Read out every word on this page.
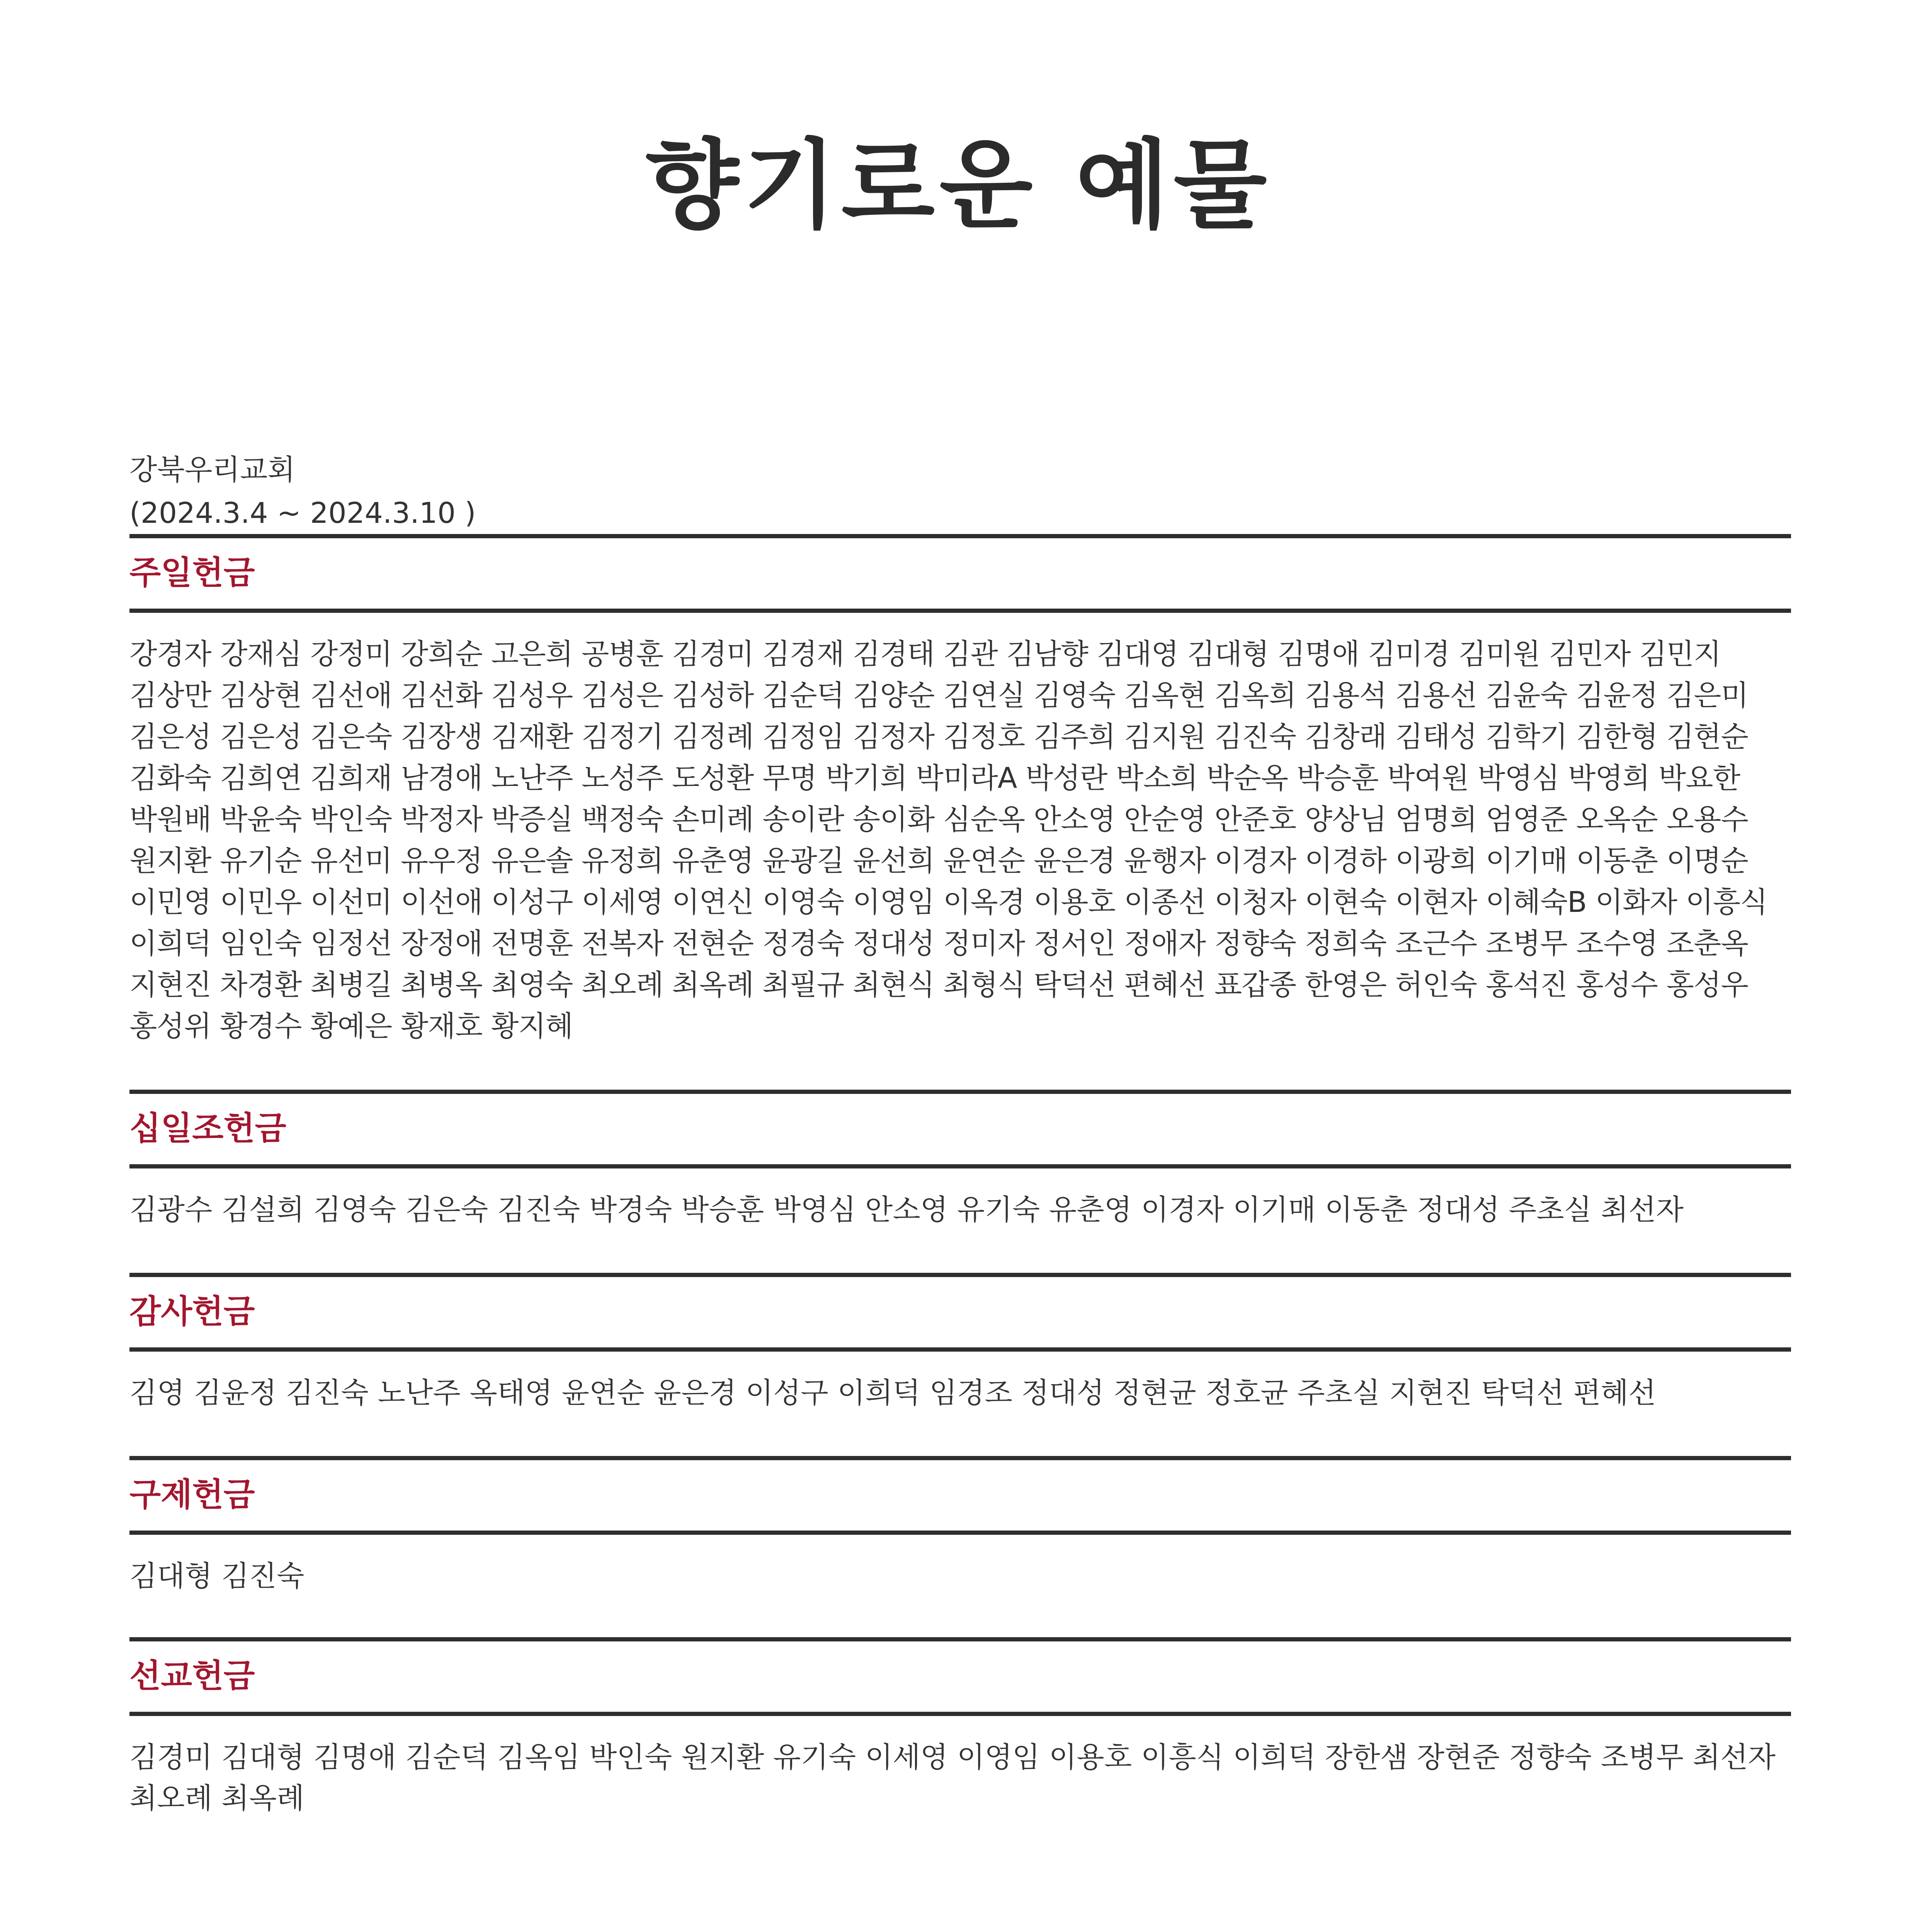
향기로운 예물
강북우리교회
(2024.3.4 ~ 2024.3.10 )
주일헌금
강경자 강재심 강정미 강희순 고은희 공병훈 김경미 김경재 김경태 김관 김남향 김대영 김대형 김명애 김미경 김미원 김민자 김민지 김상만 김상현 김선애 김선화 김성우 김성은 김성하 김순덕 김양순 김연실 김영숙 김옥현 김옥희 김용석 김용선 김윤숙 김윤정 김은미 김은성 김은성 김은숙 김장생 김재환 김정기 김정례 김정임 김정자 김정호 김주희 김지원 김진숙 김창래 김태성 김학기 김한형 김현순 김화숙 김희연 김희재 남경애 노난주 노성주 도성환 무명 박기희 박미라A 박성란 박소희 박순옥 박승훈 박여원 박영심 박영희 박요한 박원배 박윤숙 박인숙 박정자 박증실 백정숙 손미례 송이란 송이화 심순옥 안소영 안순영 안준호 양상님 엄명희 엄영준 오옥순 오용수 원지환 유기순 유선미 유우정 유은솔 유정희 유춘영 윤광길 윤선희 윤연순 윤은경 윤행자 이경자 이경하 이광희 이기매 이동춘 이명순 이민영 이민우 이선미 이선애 이성구 이세영 이연신 이영숙 이영임 이옥경 이용호 이종선 이청자 이현숙 이현자 이혜숙B 이화자 이흥식 이희덕 임인숙 임정선 장정애 전명훈 전복자 전현순 정경숙 정대성 정미자 정서인 정애자 정향숙 정희숙 조근수 조병무 조수영 조춘옥 지현진 차경환 최병길 최병옥 최영숙 최오례 최옥례 최필규 최현식 최형식 탁덕선 편혜선 표갑종 한영은 허인숙 홍석진 홍성수 홍성우 홍성위 황경수 황예은 황재호 황지혜
십일조헌금
김광수 김설희 김영숙 김은숙 김진숙 박경숙 박승훈 박영심 안소영 유기숙 유춘영 이경자 이기매 이동춘 정대성 주초실 최선자
감사헌금
김영 김윤정 김진숙 노난주 옥태영 윤연순 윤은경 이성구 이희덕 임경조 정대성 정현균 정호균 주초실 지현진 탁덕선 편혜선
구제헌금
김대형 김진숙
선교헌금
김경미 김대형 김명애 김순덕 김옥임 박인숙 원지환 유기숙 이세영 이영임 이용호 이흥식 이희덕 장한샘 장현준 정향숙 조병무 최선자 최오례 최옥례
